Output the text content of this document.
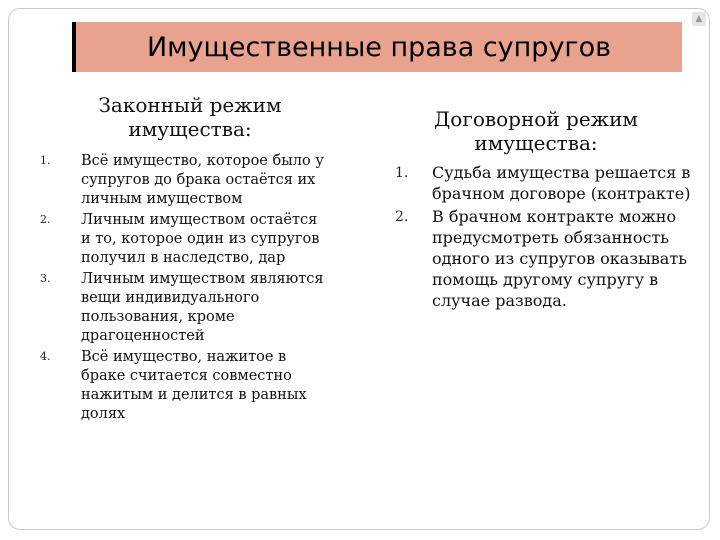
▲
Имущественные права супругов
Законный режим
имущества:
1. Всё имущество, которое было у супругов до брака остаётся их личным имуществом
2. Личным имуществом остаётся и то, которое один из супругов получил в наследство, дар
3. Личным имуществом являются вещи индивидуального пользования, кроме драгоценностей
4. Всё имущество, нажитое в браке считается совместно нажитым и делится в равных долях
Договорной режим
имущества:
1. Судьба имущества решается в брачном договоре (контракте)
2. В брачном контракте можно предусмотреть обязанность одного из супругов оказывать помощь другому супругу в случае развода.
